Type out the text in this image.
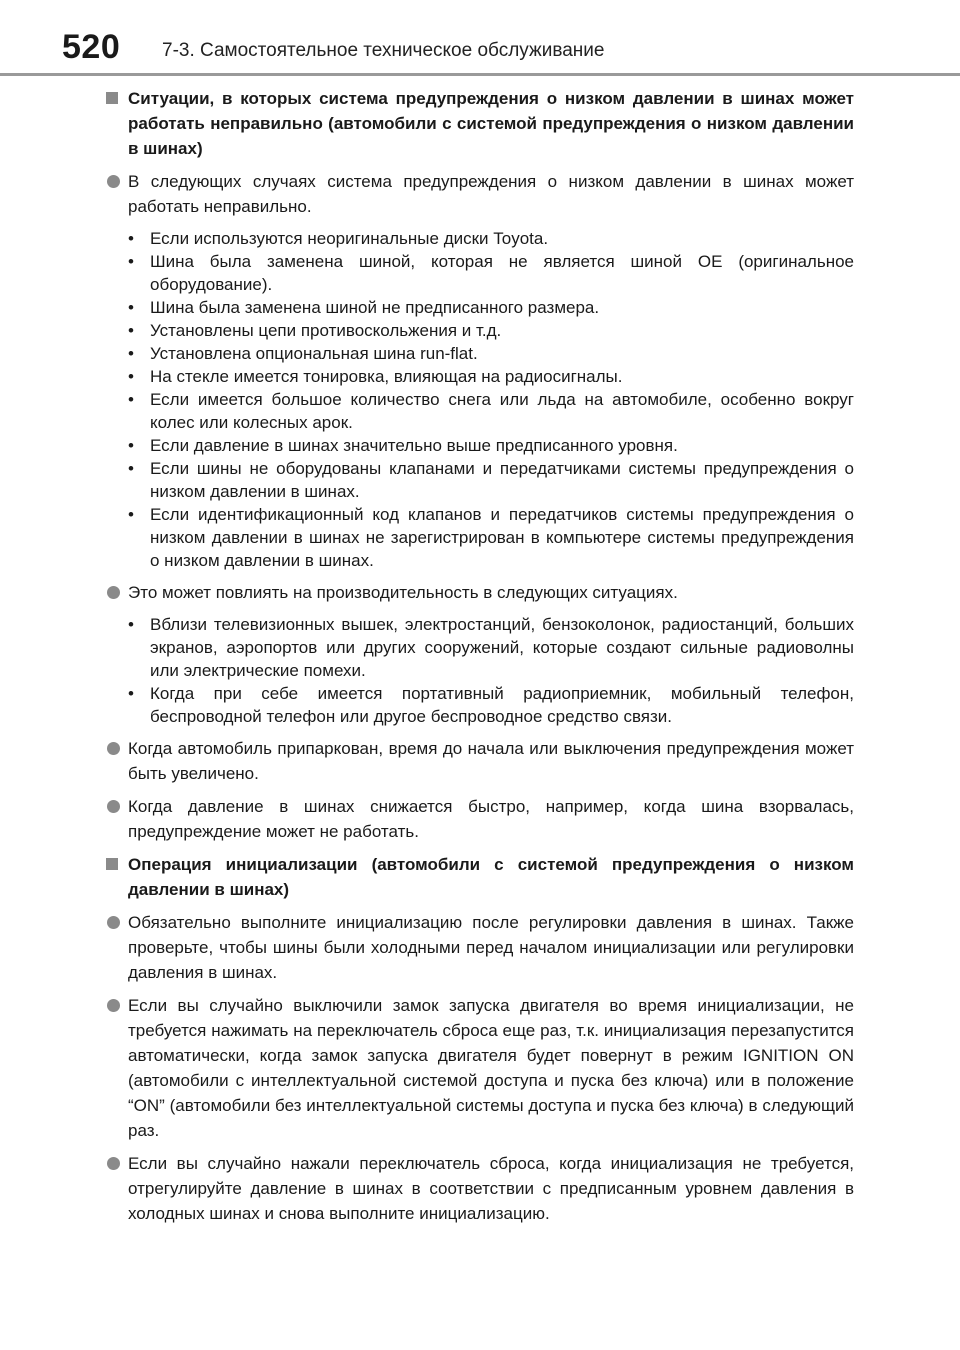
520 7-3. Самостоятельное техническое обслуживание
Ситуации, в которых система предупреждения о низком давлении в шинах может работать неправильно (автомобили с системой предупреждения о низком давлении в шинах)
В следующих случаях система предупреждения о низком давлении в шинах может работать неправильно.
• Если используются неоригинальные диски Toyota.
• Шина была заменена шиной, которая не является шиной OE (оригинальное оборудование).
• Шина была заменена шиной не предписанного размера.
• Установлены цепи противоскольжения и т.д.
• Установлена опциональная шина run-flat.
• На стекле имеется тонировка, влияющая на радиосигналы.
• Если имеется большое количество снега или льда на автомобиле, особенно вокруг колес или колесных арок.
• Если давление в шинах значительно выше предписанного уровня.
• Если шины не оборудованы клапанами и передатчиками системы предупреждения о низком давлении в шинах.
• Если идентификационный код клапанов и передатчиков системы предупреждения о низком давлении в шинах не зарегистрирован в компьютере системы предупреждения о низком давлении в шинах.
Это может повлиять на производительность в следующих ситуациях.
• Вблизи телевизионных вышек, электростанций, бензоколонок, радиостанций, больших экранов, аэропортов или других сооружений, которые создают сильные радиоволны или электрические помехи.
• Когда при себе имеется портативный радиоприемник, мобильный телефон, беспроводной телефон или другое беспроводное средство связи.
Когда автомобиль припаркован, время до начала или выключения предупреждения может быть увеличено.
Когда давление в шинах снижается быстро, например, когда шина взорвалась, предупреждение может не работать.
Операция инициализации (автомобили с системой предупреждения о низком давлении в шинах)
Обязательно выполните инициализацию после регулировки давления в шинах. Также проверьте, чтобы шины были холодными перед началом инициализации или регулировки давления в шинах.
Если вы случайно выключили замок запуска двигателя во время инициализации, не требуется нажимать на переключатель сброса еще раз, т.к. инициализация перезапустится автоматически, когда замок запуска двигателя будет повернут в режим IGNITION ON (автомобили с интеллектуальной системой доступа и пуска без ключа) или в положение “ON” (автомобили без интеллектуальной системы доступа и пуска без ключа) в следующий раз.
Если вы случайно нажали переключатель сброса, когда инициализация не требуется, отрегулируйте давление в шинах в соответствии с предписанным уровнем давления в холодных шинах и снова выполните инициализацию.
